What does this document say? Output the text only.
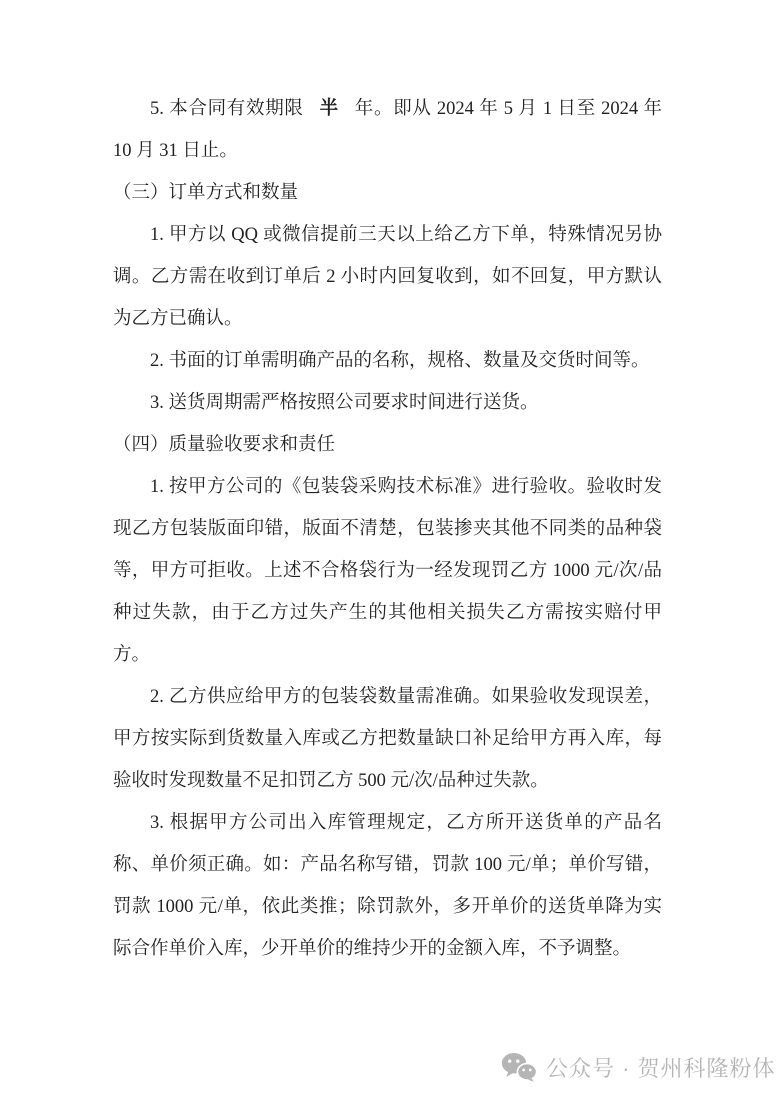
5. 本合同有效期限 半 年。即从 2024 年 5 月 1 日至 2024 年
10 月 31 日止。
（三）订单方式和数量
1. 甲方以 QQ 或微信提前三天以上给乙方下单，特殊情况另协
调。乙方需在收到订单后 2 小时内回复收到，如不回复，甲方默认
为乙方已确认。
2. 书面的订单需明确产品的名称，规格、数量及交货时间等。
3. 送货周期需严格按照公司要求时间进行送货。
（四）质量验收要求和责任
1. 按甲方公司的《包装袋采购技术标准》进行验收。验收时发
现乙方包装版面印错，版面不清楚，包装掺夹其他不同类的品种袋
等，甲方可拒收。上述不合格袋行为一经发现罚乙方 1000 元/次/品
种过失款，由于乙方过失产生的其他相关损失乙方需按实赔付甲
方。
2. 乙方供应给甲方的包装袋数量需准确。如果验收发现误差，
甲方按实际到货数量入库或乙方把数量缺口补足给甲方再入库，每
验收时发现数量不足扣罚乙方 500 元/次/品种过失款。
3. 根据甲方公司出入库管理规定，乙方所开送货单的产品名
称、单价须正确。如：产品名称写错，罚款 100 元/单；单价写错，
罚款 1000 元/单，依此类推；除罚款外，多开单价的送货单降为实
际合作单价入库，少开单价的维持少开的金额入库，不予调整。
公众号 · 贺州科隆粉体
